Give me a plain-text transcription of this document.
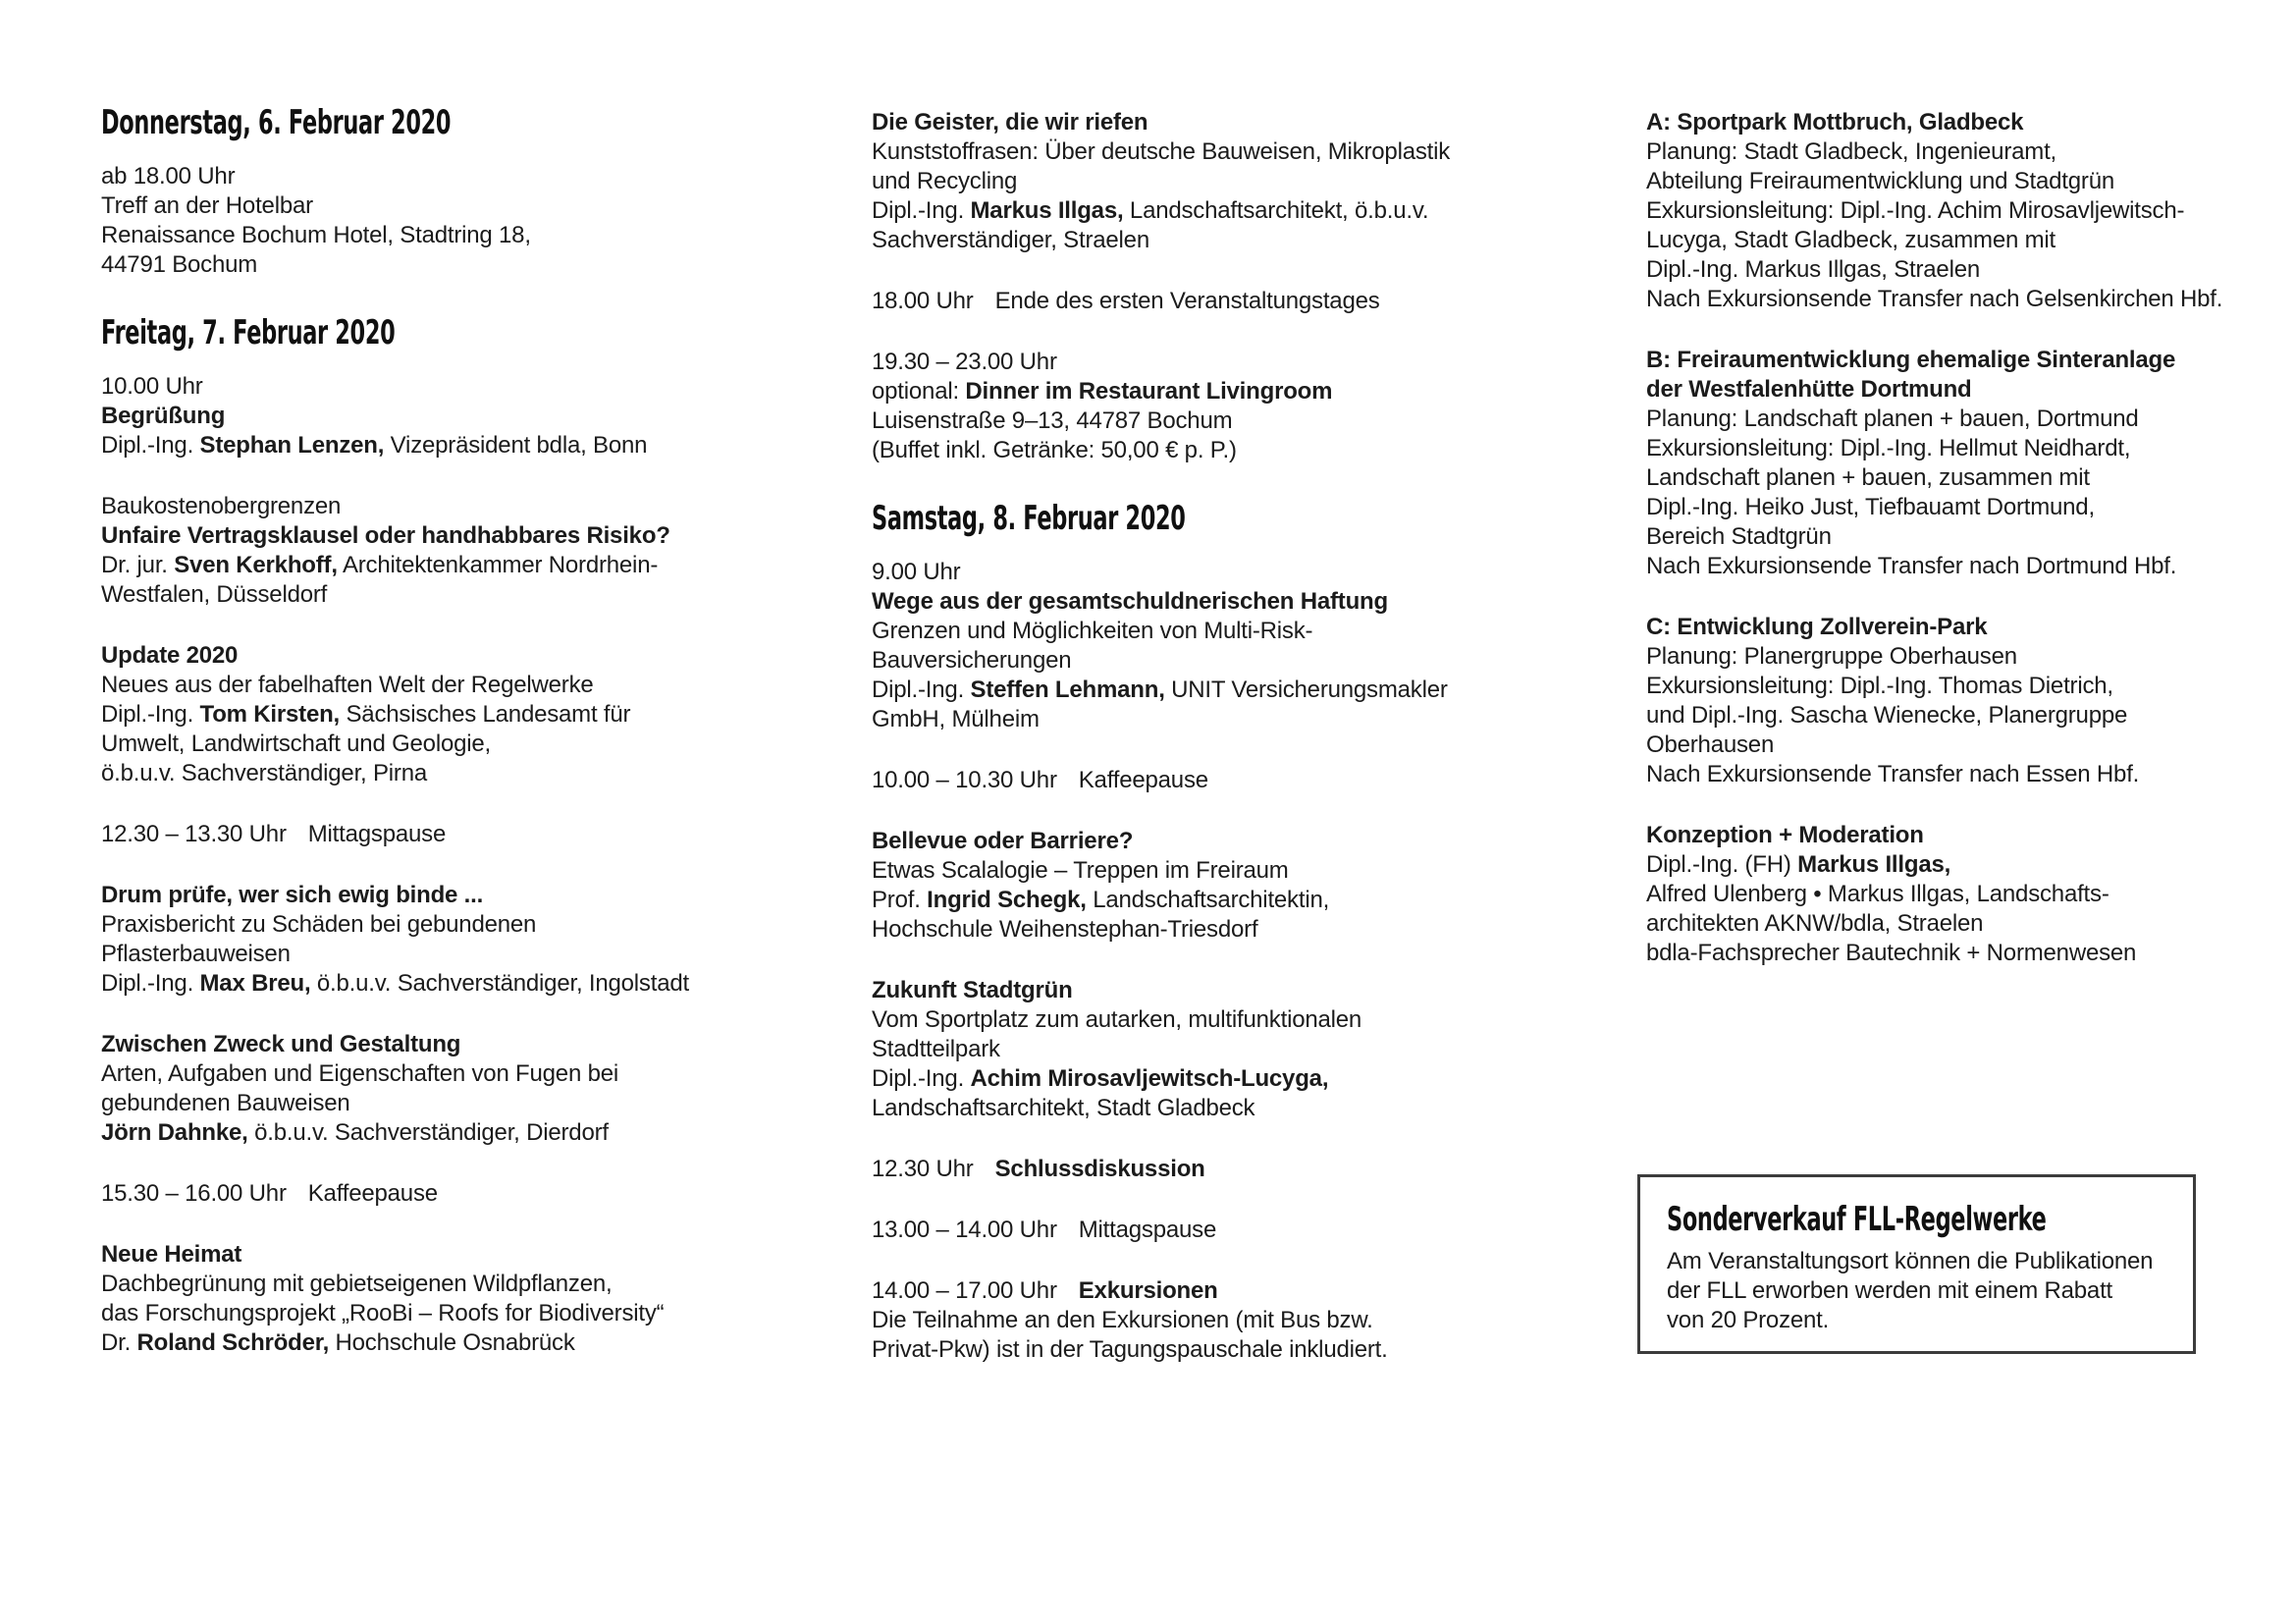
Donnerstag, 6. Februar 2020
ab 18.00 Uhr
Treff an der Hotelbar
Renaissance Bochum Hotel, Stadtring 18,
44791 Bochum
Freitag, 7. Februar 2020
10.00 Uhr
Begrüßung
Dipl.-Ing. Stephan Lenzen, Vizepräsident bdla, Bonn
Baukostenobergrenzen
Unfaire Vertragsklausel oder handhabbares Risiko?
Dr. jur. Sven Kerkhoff, Architektenkammer Nordrhein-
Westfalen, Düsseldorf
Update 2020
Neues aus der fabelhaften Welt der Regelwerke
Dipl.-Ing. Tom Kirsten, Sächsisches Landesamt für
Umwelt, Landwirtschaft und Geologie,
ö.b.u.v. Sachverständiger, Pirna
12.30 – 13.30 Uhr Mittagspause
Drum prüfe, wer sich ewig binde ...
Praxisbericht zu Schäden bei gebundenen
Pflasterbauweisen
Dipl.-Ing. Max Breu, ö.b.u.v. Sachverständiger, Ingolstadt
Zwischen Zweck und Gestaltung
Arten, Aufgaben und Eigenschaften von Fugen bei
gebundenen Bauweisen
Jörn Dahnke, ö.b.u.v. Sachverständiger, Dierdorf
15.30 – 16.00 Uhr Kaffeepause
Neue Heimat
Dachbegrünung mit gebietseigenen Wildpflanzen,
das Forschungsprojekt „RooBi – Roofs for Biodiversity“
Dr. Roland Schröder, Hochschule Osnabrück
Die Geister, die wir riefen
Kunststoffrasen: Über deutsche Bauweisen, Mikroplastik
und Recycling
Dipl.-Ing. Markus Illgas, Landschaftsarchitekt, ö.b.u.v.
Sachverständiger, Straelen
18.00 Uhr Ende des ersten Veranstaltungstages
19.30 – 23.00 Uhr
optional: Dinner im Restaurant Livingroom
Luisenstraße 9–13, 44787 Bochum
(Buffet inkl. Getränke: 50,00 € p. P.)
Samstag, 8. Februar 2020
9.00 Uhr
Wege aus der gesamtschuldnerischen Haftung
Grenzen und Möglichkeiten von Multi-Risk-
Bauversicherungen
Dipl.-Ing. Steffen Lehmann, UNIT Versicherungsmakler
GmbH, Mülheim
10.00 – 10.30 Uhr Kaffeepause
Bellevue oder Barriere?
Etwas Scalalogie – Treppen im Freiraum
Prof. Ingrid Schegk, Landschaftsarchitektin,
Hochschule Weihenstephan-Triesdorf
Zukunft Stadtgrün
Vom Sportplatz zum autarken, multifunktionalen
Stadtteilpark
Dipl.-Ing. Achim Mirosavljewitsch-Lucyga,
Landschaftsarchitekt, Stadt Gladbeck
12.30 Uhr Schlussdiskussion
13.00 – 14.00 Uhr Mittagspause
14.00 – 17.00 Uhr Exkursionen
Die Teilnahme an den Exkursionen (mit Bus bzw.
Privat-Pkw) ist in der Tagungspauschale inkludiert.
A: Sportpark Mottbruch, Gladbeck
Planung: Stadt Gladbeck, Ingenieuramt,
Abteilung Freiraumentwicklung und Stadtgrün
Exkursionsleitung: Dipl.-Ing. Achim Mirosavljewitsch-
Lucyga, Stadt Gladbeck, zusammen mit
Dipl.-Ing. Markus Illgas, Straelen
Nach Exkursionsende Transfer nach Gelsenkirchen Hbf.
B: Freiraumentwicklung ehemalige Sinteranlage
der Westfalenhütte Dortmund
Planung: Landschaft planen + bauen, Dortmund
Exkursionsleitung: Dipl.-Ing. Hellmut Neidhardt,
Landschaft planen + bauen, zusammen mit
Dipl.-Ing. Heiko Just, Tiefbauamt Dortmund,
Bereich Stadtgrün
Nach Exkursionsende Transfer nach Dortmund Hbf.
C: Entwicklung Zollverein-Park
Planung: Planergruppe Oberhausen
Exkursionsleitung: Dipl.-Ing. Thomas Dietrich,
und Dipl.-Ing. Sascha Wienecke, Planergruppe
Oberhausen
Nach Exkursionsende Transfer nach Essen Hbf.
Konzeption + Moderation
Dipl.-Ing. (FH) Markus Illgas,
Alfred Ulenberg • Markus Illgas, Landschafts-
architekten AKNW/bdla, Straelen
bdla-Fachsprecher Bautechnik + Normenwesen
Sonderverkauf FLL-Regelwerke
Am Veranstaltungsort können die Publikationen
der FLL erworben werden mit einem Rabatt
von 20 Prozent.
